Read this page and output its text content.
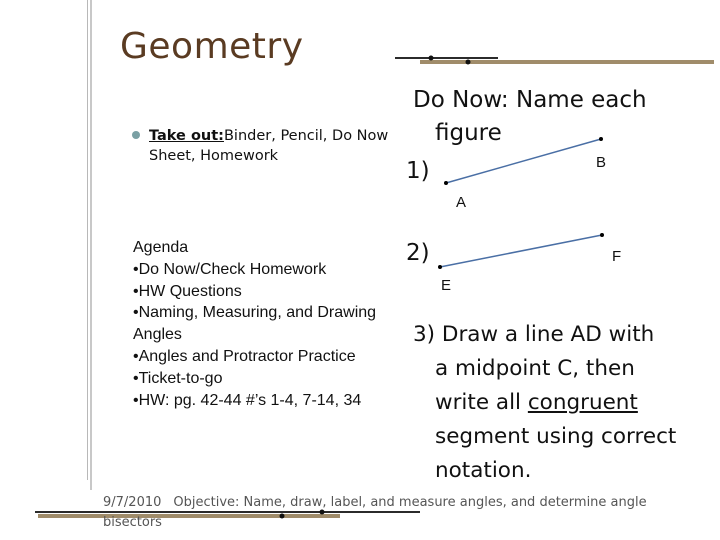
Geometry
Take out:Binder, Pencil, Do Now Sheet, Homework
Agenda
•Do Now/Check Homework
•HW Questions
•Naming, Measuring, and Drawing Angles
•Angles and Protractor Practice
•Ticket-to-go
•HW: pg. 42-44 #’s 1-4, 7-14, 34
Do Now: Name each
figure
1)	B
A
2)	F
E
3) Draw a line AD with
a midpoint C, then
write all congruent
segment using correct
notation.
9/7/2010 Objective: Name, draw, label, and measure angles, and determine angle bisectors
